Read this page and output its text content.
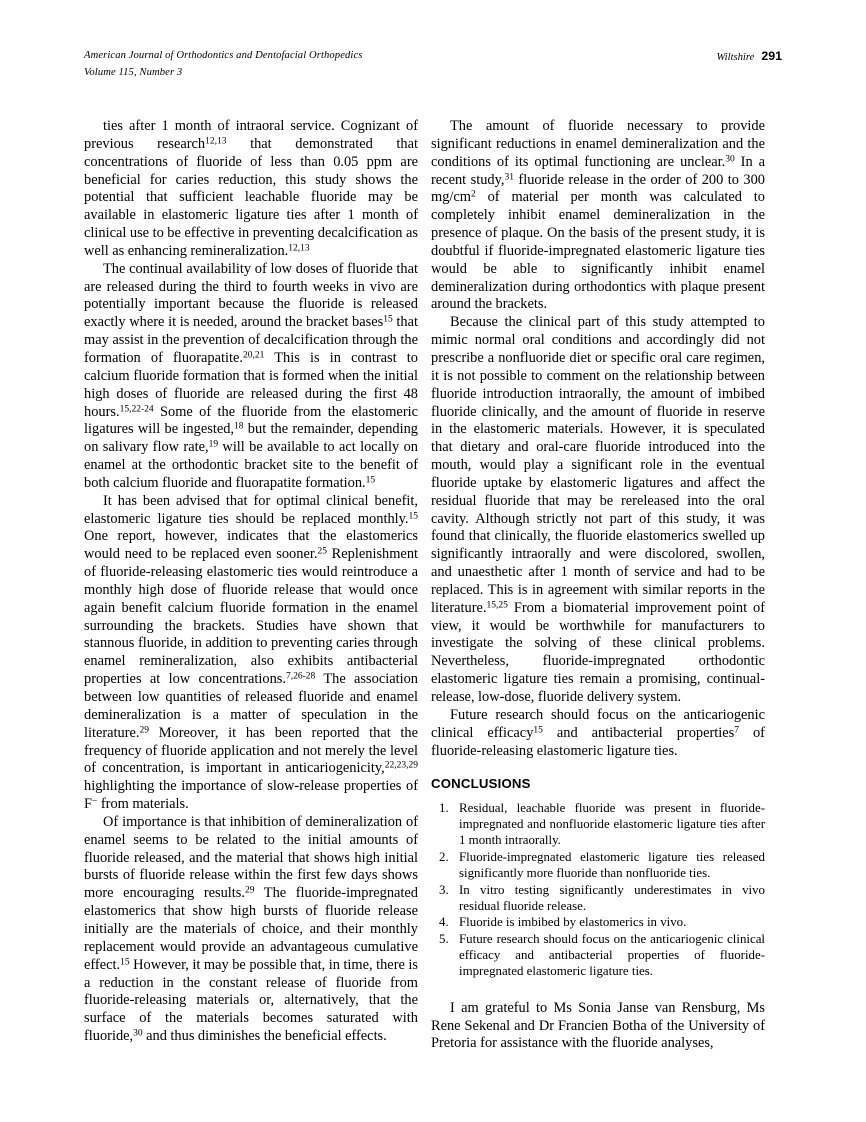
American Journal of Orthodontics and Dentofacial Orthopedics
Volume 115, Number 3
Wiltshire 291

ties after 1 month of intraoral service. Cognizant of previous research$^{12,13}$ that demonstrated that concentrations of fluoride of less than 0.05 ppm are beneficial for caries reduction, this study shows the potential that sufficient leachable fluoride may be available in elastomeric ligature ties after 1 month of clinical use to be effective in preventing decalcification as well as enhancing remineralization.$^{12,13}$

The continual availability of low doses of fluoride that are released during the third to fourth weeks in vivo are potentially important because the fluoride is released exactly where it is needed, around the bracket bases$^{15}$ that may assist in the prevention of decalcification through the formation of fluorapatite.$^{20,21}$ This is in contrast to calcium fluoride formation that is formed when the initial high doses of fluoride are released during the first 48 hours.$^{15,22-24}$ Some of the fluoride from the elastomeric ligatures will be ingested,$^{18}$ but the remainder, depending on salivary flow rate,$^{19}$ will be available to act locally on enamel at the orthodontic bracket site to the benefit of both calcium fluoride and fluorapatite formation.$^{15}$

It has been advised that for optimal clinical benefit, elastomeric ligature ties should be replaced monthly.$^{15}$ One report, however, indicates that the elastomerics would need to be replaced even sooner.$^{25}$ Replenishment of fluoride-releasing elastomeric ties would reintroduce a monthly high dose of fluoride release that would once again benefit calcium fluoride formation in the enamel surrounding the brackets. Studies have shown that stannous fluoride, in addition to preventing caries through enamel remineralization, also exhibits antibacterial properties at low concentrations.$^{7,26-28}$ The association between low quantities of released fluoride and enamel demineralization is a matter of speculation in the literature.$^{29}$ Moreover, it has been reported that the frequency of fluoride application and not merely the level of concentration, is important in anticariogenicity,$^{22,23,29}$ highlighting the importance of slow-release properties of F− from materials.

Of importance is that inhibition of demineralization of enamel seems to be related to the initial amounts of fluoride released, and the material that shows high initial bursts of fluoride release within the first few days shows more encouraging results.$^{29}$ The fluoride-impregnated elastomerics that show high bursts of fluoride release initially are the materials of choice, and their monthly replacement would provide an advantageous cumulative effect.$^{15}$ However, it may be possible that, in time, there is a reduction in the constant release of fluoride from fluoride-releasing materials or, alternatively, that the surface of the materials becomes saturated with fluoride,$^{30}$ and thus diminishes the beneficial effects.

The amount of fluoride necessary to provide significant reductions in enamel demineralization and the conditions of its optimal functioning are unclear.$^{30}$ In a recent study,$^{31}$ fluoride release in the order of 200 to 300 $mg/cm^2$ of material per month was calculated to completely inhibit enamel demineralization in the presence of plaque. On the basis of the present study, it is doubtful if fluoride-impregnated elastomeric ligature ties would be able to significantly inhibit enamel demineralization during orthodontics with plaque present around the brackets.

Because the clinical part of this study attempted to mimic normal oral conditions and accordingly did not prescribe a nonfluoride diet or specific oral care regimen, it is not possible to comment on the relationship between fluoride introduction intraorally, the amount of imbibed fluoride clinically, and the amount of fluoride in reserve in the elastomeric materials. However, it is speculated that dietary and oral-care fluoride introduced into the mouth, would play a significant role in the eventual fluoride uptake by elastomeric ligatures and affect the residual fluoride that may be rereleased into the oral cavity. Although strictly not part of this study, it was found that clinically, the fluoride elastomerics swelled up significantly intraorally and were discolored, swollen, and unaesthetic after 1 month of service and had to be replaced. This is in agreement with similar reports in the literature.$^{15,25}$ From a biomaterial improvement point of view, it would be worthwhile for manufacturers to investigate the solving of these clinical problems. Nevertheless, fluoride-impregnated orthodontic elastomeric ligature ties remain a promising, continual-release, low-dose, fluoride delivery system.

Future research should focus on the anticariogenic clinical efficacy$^{15}$ and antibacterial properties$^7$ of fluoride-releasing elastomeric ligature ties.

CONCLUSIONS
1. Residual, leachable fluoride was present in fluoride-impregnated and nonfluoride elastomeric ligature ties after 1 month intraorally.
2. Fluoride-impregnated elastomeric ligature ties released significantly more fluoride than nonfluoride ties.
3. In vitro testing significantly underestimates in vivo residual fluoride release.
4. Fluoride is imbibed by elastomerics in vivo.
5. Future research should focus on the anticariogenic clinical efficacy and antibacterial properties of fluoride-impregnated elastomeric ligature ties.

I am grateful to Ms Sonia Janse van Rensburg, Ms Rene Sekenal and Dr Francien Botha of the University of Pretoria for assistance with the fluoride analyses,
